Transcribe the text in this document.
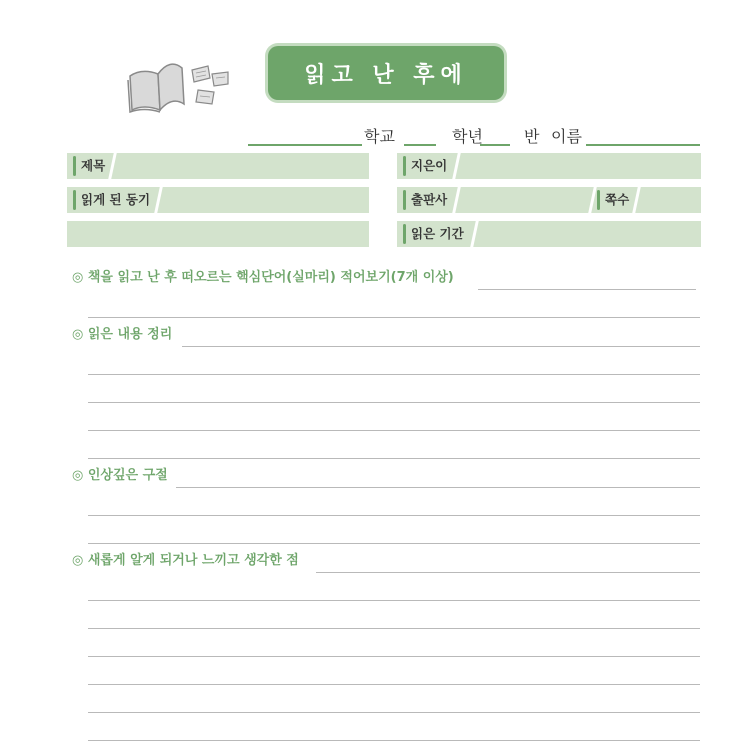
읽고 난 후에
학교	학년	반 이름
제목	지은이
읽게 된 동기	출판사	쪽수
읽은 기간
◎ 책을 읽고 난 후 떠오르는 핵심단어(실마리) 적어보기(7개 이상)
◎ 읽은 내용 정리
◎ 인상깊은 구절
◎ 새롭게 알게 되거나 느끼고 생각한 점
